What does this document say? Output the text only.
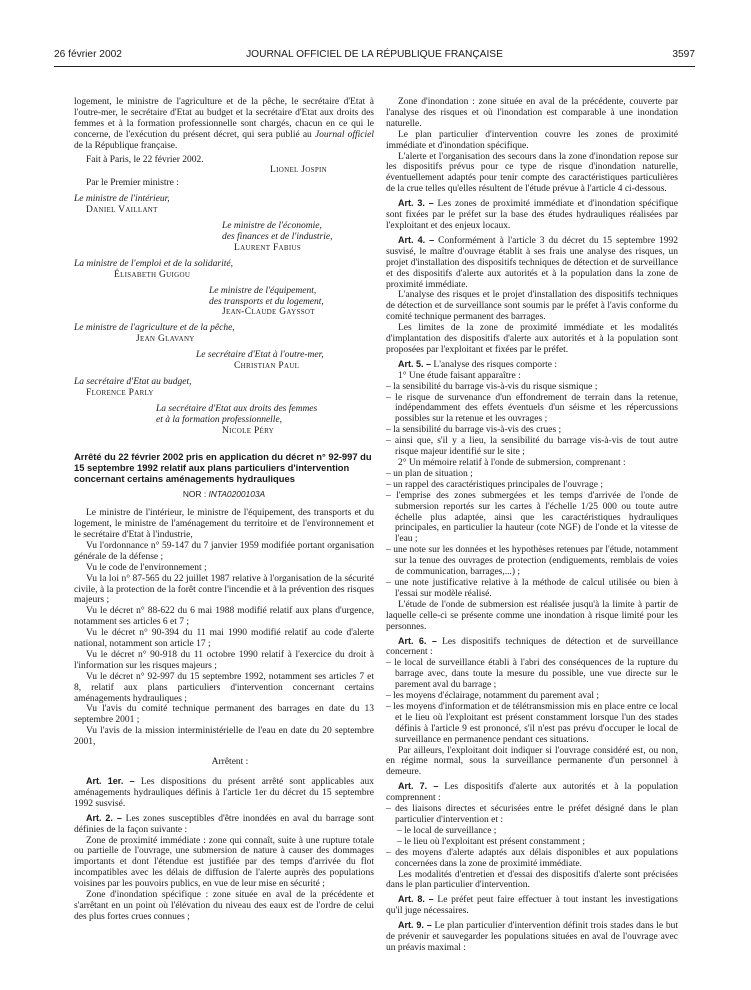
26 février 2002	JOURNAL OFFICIEL DE LA RÉPUBLIQUE FRANÇAISE	3597

logement, le ministre de l'agriculture et de la pêche, le secrétaire d'Etat à l'outre-mer, le secrétaire d'Etat au budget et la secrétaire d'Etat aux droits des femmes et à la formation professionnelle sont chargés, chacun en ce qui le concerne, de l'exécution du présent décret, qui sera publié au Journal officiel de la République française.

Fait à Paris, le 22 février 2002.

Lionel Jospin
Par le Premier ministre :
Le ministre de l'intérieur,
Daniel Vaillant
Le ministre de l'économie,
des finances et de l'industrie,
Laurent Fabius
La ministre de l'emploi et de la solidarité,
Élisabeth Guigou
Le ministre de l'équipement,
des transports et du logement,
Jean-Claude Gayssot
Le ministre de l'agriculture et de la pêche,
Jean Glavany
Le secrétaire d'Etat à l'outre-mer,
Christian Paul
La secrétaire d'Etat au budget,
Florence Parly
La secrétaire d'Etat aux droits des femmes
et à la formation professionnelle,
Nicole Péry
Arrêté du 22 février 2002 pris en application du décret n° 92-997 du 15 septembre 1992 relatif aux plans particuliers d'intervention concernant certains aménagements hydrauliques
NOR : INTA0200103A

Le ministre de l'intérieur, le ministre de l'équipement, des transports et du logement, le ministre de l'aménagement du territoire et de l'environnement et le secrétaire d'Etat à l'industrie,

Vu l'ordonnance n° 59-147 du 7 janvier 1959 modifiée portant organisation générale de la défense ;

Vu le code de l'environnement ;

Vu la loi n° 87-565 du 22 juillet 1987 relative à l'organisation de la sécurité civile, à la protection de la forêt contre l'incendie et à la prévention des risques majeurs ;

Vu le décret n° 88-622 du 6 mai 1988 modifié relatif aux plans d'urgence, notamment ses articles 6 et 7 ;

Vu le décret n° 90-394 du 11 mai 1990 modifié relatif au code d'alerte national, notamment son article 17 ;

Vu le décret n° 90-918 du 11 octobre 1990 relatif à l'exercice du droit à l'information sur les risques majeurs ;

Vu le décret n° 92-997 du 15 septembre 1992, notamment ses articles 7 et 8, relatif aux plans particuliers d'intervention concernant certains aménagements hydrauliques ;

Vu l'avis du comité technique permanent des barrages en date du 13 septembre 2001 ;

Vu l'avis de la mission interministérielle de l'eau en date du 20 septembre 2001,

Arrêtent :

Art. 1er. – Les dispositions du présent arrêté sont applicables aux aménagements hydrauliques définis à l'article 1er du décret du 15 septembre 1992 susvisé.

Art. 2. – Les zones susceptibles d'être inondées en aval du barrage sont définies de la façon suivante :

Zone de proximité immédiate : zone qui connaît, suite à une rupture totale ou partielle de l'ouvrage, une submersion de nature à causer des dommages importants et dont l'étendue est justifiée par des temps d'arrivée du flot incompatibles avec les délais de diffusion de l'alerte auprès des populations voisines par les pouvoirs publics, en vue de leur mise en sécurité ;

Zone d'inondation spécifique : zone située en aval de la précédente et s'arrêtant en un point où l'élévation du niveau des eaux est de l'ordre de celui des plus fortes crues connues ;

Zone d'inondation : zone située en aval de la précédente, couverte par l'analyse des risques et où l'inondation est comparable à une inondation naturelle.

Le plan particulier d'intervention couvre les zones de proximité immédiate et d'inondation spécifique.

L'alerte et l'organisation des secours dans la zone d'inondation repose sur les dispositifs prévus pour ce type de risque d'inondation naturelle, éventuellement adaptés pour tenir compte des caractéristiques particulières de la crue telles qu'elles résultent de l'étude prévue à l'article 4 ci-dessous.

Art. 3. – Les zones de proximité immédiate et d'inondation spécifique sont fixées par le préfet sur la base des études hydrauliques réalisées par l'exploitant et des enjeux locaux.

Art. 4. – Conformément à l'article 3 du décret du 15 septembre 1992 susvisé, le maître d'ouvrage établit à ses frais une analyse des risques, un projet d'installation des dispositifs techniques de détection et de surveillance et des dispositifs d'alerte aux autorités et à la population dans la zone de proximité immédiate.

L'analyse des risques et le projet d'installation des dispositifs techniques de détection et de surveillance sont soumis par le préfet à l'avis conforme du comité technique permanent des barrages.

Les limites de la zone de proximité immédiate et les modalités d'implantation des dispositifs d'alerte aux autorités et à la population sont proposées par l'exploitant et fixées par le préfet.

Art. 5. – L'analyse des risques comporte :

1° Une étude faisant apparaître :

– la sensibilité du barrage vis-à-vis du risque sismique ;
– le risque de survenance d'un effondrement de terrain dans la retenue, indépendamment des effets éventuels d'un séisme et les répercussions possibles sur la retenue et les ouvrages ;
– la sensibilité du barrage vis-à-vis des crues ;
– ainsi que, s'il y a lieu, la sensibilité du barrage vis-à-vis de tout autre risque majeur identifié sur le site ;

2° Un mémoire relatif à l'onde de submersion, comprenant :

– un plan de situation ;
– un rappel des caractéristiques principales de l'ouvrage ;
– l'emprise des zones submergées et les temps d'arrivée de l'onde de submersion reportés sur les cartes à l'échelle 1/25 000 ou toute autre échelle plus adaptée, ainsi que les caractéristiques hydrauliques principales, en particulier la hauteur (cote NGF) de l'onde et la vitesse de l'eau ;
– une note sur les données et les hypothèses retenues par l'étude, notamment sur la tenue des ouvrages de protection (endiguements, remblais de voies de communication, barrages,...) ;
– une note justificative relative à la méthode de calcul utilisée ou bien à l'essai sur modèle réalisé.

L'étude de l'onde de submersion est réalisée jusqu'à la limite à partir de laquelle celle-ci se présente comme une inondation à risque limité pour les personnes.

Art. 6. – Les dispositifs techniques de détection et de surveillance concernent :

– le local de surveillance établi à l'abri des conséquences de la rupture du barrage avec, dans toute la mesure du possible, une vue directe sur le parement aval du barrage ;
– les moyens d'éclairage, notamment du parement aval ;
– les moyens d'information et de télétransmission mis en place entre ce local et le lieu où l'exploitant est présent constamment lorsque l'un des stades définis à l'article 9 est prononcé, s'il n'est pas prévu d'occuper le local de surveillance en permanence pendant ces situations.

Par ailleurs, l'exploitant doit indiquer si l'ouvrage considéré est, ou non, en régime normal, sous la surveillance permanente d'un personnel à demeure.

Art. 7. – Les dispositifs d'alerte aux autorités et à la population comprennent :

– des liaisons directes et sécurisées entre le préfet désigné dans le plan particulier d'intervention et :
– le local de surveillance ;
– le lieu où l'exploitant est présent constamment ;
– des moyens d'alerte adaptés aux délais disponibles et aux populations concernées dans la zone de proximité immédiate.

Les modalités d'entretien et d'essai des dispositifs d'alerte sont précisées dans le plan particulier d'intervention.

Art. 8. – Le préfet peut faire effectuer à tout instant les investigations qu'il juge nécessaires.

Art. 9. – Le plan particulier d'intervention définit trois stades dans le but de prévenir et sauvegarder les populations situées en aval de l'ouvrage avec un préavis maximal :
